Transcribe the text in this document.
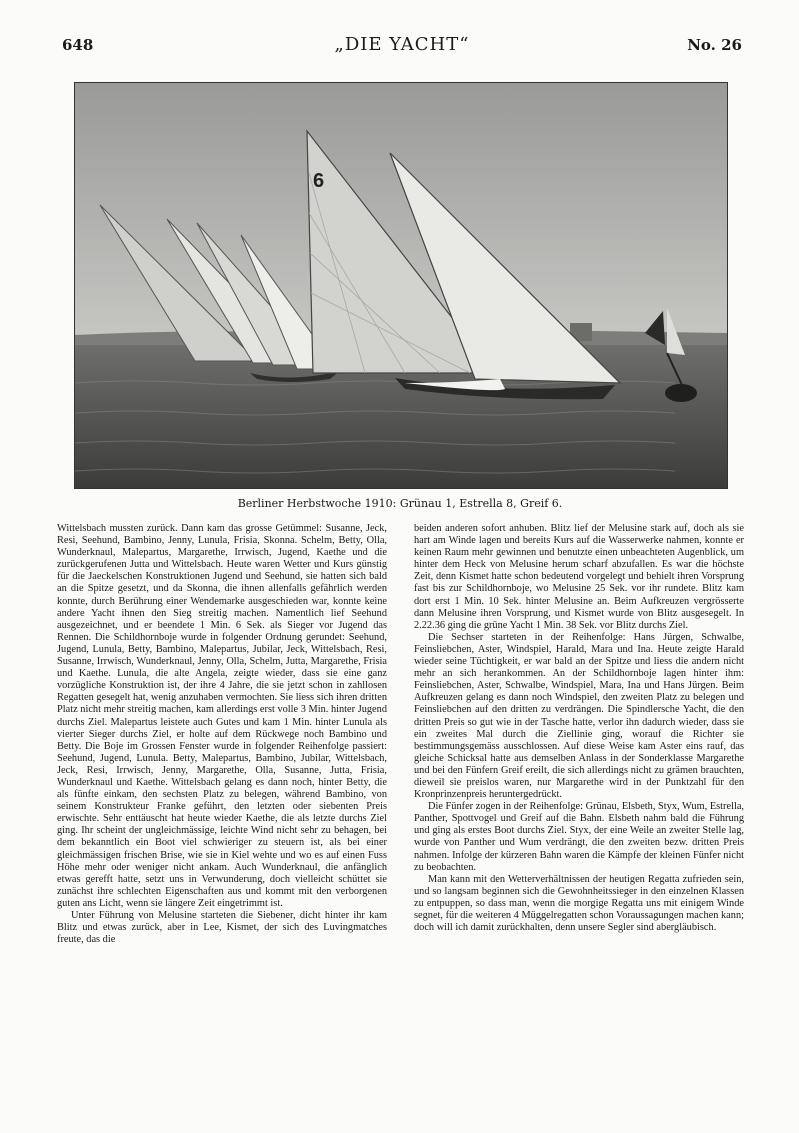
648	„DIE YACHT“	No. 26
6
Berliner Herbstwoche 1910: Grünau 1, Estrella 8, Greif 6.

Wittelsbach mussten zurück. Dann kam das grosse Getümmel: Susanne, Jeck, Resi, Seehund, Bambino, Jenny, Lunula, Frisia, Skonna. Schelm, Betty, Olla, Wunderknaul, Malepartus, Margarethe, Irrwisch, Jugend, Kaethe und die zurückgerufenen Jutta und Wittelsbach. Heute waren Wetter und Kurs günstig für die Jaeckelschen Konstruktionen Jugend und Seehund, sie hatten sich bald an die Spitze gesetzt, und da Skonna, die ihnen allenfalls gefährlich werden konnte, durch Berührung einer Wendemarke ausgeschieden war, konnte keine andere Yacht ihnen den Sieg streitig machen. Namentlich lief Seehund ausgezeichnet, und er beendete 1 Min. 6 Sek. als Sieger vor Jugend das Rennen. Die Schildhornboje wurde in folgender Ordnung gerundet: Seehund, Jugend, Lunula, Betty, Bambino, Malepartus, Jubilar, Jeck, Wittelsbach, Resi, Susanne, Irrwisch, Wunderknaul, Jenny, Olla, Schelm, Jutta, Margarethe, Frisia und Kaethe. Lunula, die alte Angela, zeigte wieder, dass sie eine ganz vorzügliche Konstruktion ist, der ihre 4 Jahre, die sie jetzt schon in zahllosen Regatten gesegelt hat, wenig anzuhaben vermochten. Sie liess sich ihren dritten Platz nicht mehr streitig machen, kam allerdings erst volle 3 Min. hinter Jugend durchs Ziel. Malepartus leistete auch Gutes und kam 1 Min. hinter Lunula als vierter Sieger durchs Ziel, er holte auf dem Rückwege noch Bambino und Betty. Die Boje im Grossen Fenster wurde in folgender Reihenfolge passiert: Seehund, Jugend, Lunula. Betty, Malepartus, Bambino, Jubilar, Wittelsbach, Jeck, Resi, Irrwisch, Jenny, Margarethe, Olla, Susanne, Jutta, Frisia, Wunderknaul und Kaethe. Wittelsbach gelang es dann noch, hinter Betty, die als fünfte einkam, den sechsten Platz zu belegen, während Bambino, von seinem Konstrukteur Franke geführt, den letzten oder siebenten Preis erwischte. Sehr enttäuscht hat heute wieder Kaethe, die als letzte durchs Ziel ging. Ihr scheint der ungleichmässige, leichte Wind nicht sehr zu behagen, bei dem bekanntlich ein Boot viel schwieriger zu steuern ist, als bei einer gleichmässigen frischen Brise, wie sie in Kiel wehte und wo es auf einen Fuss Höhe mehr oder weniger nicht ankam. Auch Wunderknaul, die anfänglich etwas gerefft hatte, setzt uns in Verwunderung, doch vielleicht schüttet sie zunächst ihre schlechten Eigenschaften aus und kommt mit den verborgenen guten ans Licht, wenn sie längere Zeit eingetrimmt ist.

Unter Führung von Melusine starteten die Siebener, dicht hinter ihr kam Blitz und etwas zurück, aber in Lee, Kismet, der sich des Luvingmatches freute, das die

beiden anderen sofort anhuben. Blitz lief der Melusine stark auf, doch als sie hart am Winde lagen und bereits Kurs auf die Wasserwerke nahmen, konnte er keinen Raum mehr gewinnen und benutzte einen unbeachteten Augenblick, um hinter dem Heck von Melusine herum scharf abzufallen. Es war die höchste Zeit, denn Kismet hatte schon bedeutend vorgelegt und behielt ihren Vorsprung fast bis zur Schildhornboje, wo Melusine 25 Sek. vor ihr rundete. Blitz kam dort erst 1 Min. 10 Sek. hinter Melusine an. Beim Aufkreuzen vergrösserte dann Melusine ihren Vorsprung, und Kismet wurde von Blitz ausgesegelt. In 2.22.36 ging die grüne Yacht 1 Min. 38 Sek. vor Blitz durchs Ziel.

Die Sechser starteten in der Reihenfolge: Hans Jürgen, Schwalbe, Feinsliebchen, Aster, Windspiel, Harald, Mara und Ina. Heute zeigte Harald wieder seine Tüchtigkeit, er war bald an der Spitze und liess die andern nicht mehr an sich herankommen. An der Schildhornboje lagen hinter ihm: Feinsliebchen, Aster, Schwalbe, Windspiel, Mara, Ina und Hans Jürgen. Beim Aufkreuzen gelang es dann noch Windspiel, den zweiten Platz zu belegen und Feinsliebchen auf den dritten zu verdrängen. Die Spindlersche Yacht, die den dritten Preis so gut wie in der Tasche hatte, verlor ihn dadurch wieder, dass sie ein zweites Mal durch die Ziellinie ging, worauf die Richter sie bestimmungsgemäss ausschlossen. Auf diese Weise kam Aster eins rauf, das gleiche Schicksal hatte aus demselben Anlass in der Sonderklasse Margarethe und bei den Fünfern Greif ereilt, die sich allerdings nicht zu grämen brauchten, dieweil sie preislos waren, nur Margarethe wird in der Punktzahl für den Kronprinzenpreis heruntergedrückt.

Die Fünfer zogen in der Reihenfolge: Grünau, Elsbeth, Styx, Wum, Estrella, Panther, Spottvogel und Greif auf die Bahn. Elsbeth nahm bald die Führung und ging als erstes Boot durchs Ziel. Styx, der eine Weile an zweiter Stelle lag, wurde von Panther und Wum verdrängt, die den zweiten bezw. dritten Preis nahmen. Infolge der kürzeren Bahn waren die Kämpfe der kleinen Fünfer nicht zu beobachten.

Man kann mit den Wetterverhältnissen der heutigen Regatta zufrieden sein, und so langsam beginnen sich die Gewohnheitssieger in den einzelnen Klassen zu entpuppen, so dass man, wenn die morgige Regatta uns mit einigem Winde segnet, für die weiteren 4 Müggelregatten schon Voraussagungen machen kann; doch will ich damit zurückhalten, denn unsere Segler sind abergläubisch.
